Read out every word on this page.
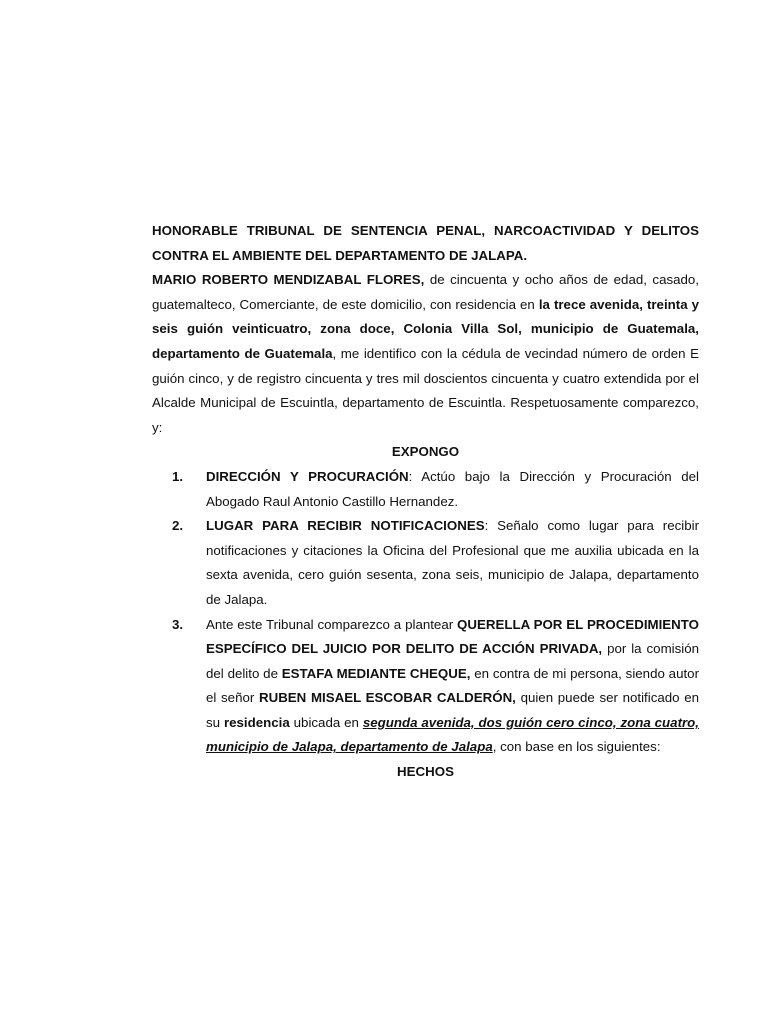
HONORABLE TRIBUNAL DE SENTENCIA PENAL, NARCOACTIVIDAD Y DELITOS CONTRA EL AMBIENTE DEL DEPARTAMENTO DE JALAPA.

MARIO ROBERTO MENDIZABAL FLORES, de cincuenta y ocho años de edad, casado, guatemalteco, Comerciante, de este domicilio, con residencia en la trece avenida, treinta y seis guión veinticuatro, zona doce, Colonia Villa Sol, municipio de Guatemala, departamento de Guatemala, me identifico con la cédula de vecindad número de orden E guión cinco, y de registro cincuenta y tres mil doscientos cincuenta y cuatro extendida por el Alcalde Municipal de Escuintla, departamento de Escuintla. Respetuosamente comparezco, y:

EXPONGO

1. DIRECCIÓN Y PROCURACIÓN: Actúo bajo la Dirección y Procuración del Abogado Raul Antonio Castillo Hernandez.
2. LUGAR PARA RECIBIR NOTIFICACIONES: Señalo como lugar para recibir notificaciones y citaciones la Oficina del Profesional que me auxilia ubicada en la sexta avenida, cero guión sesenta, zona seis, municipio de Jalapa, departamento de Jalapa.
3. Ante este Tribunal comparezco a plantear QUERELLA POR EL PROCEDIMIENTO ESPECÍFICO DEL JUICIO POR DELITO DE ACCIÓN PRIVADA, por la comisión del delito de ESTAFA MEDIANTE CHEQUE, en contra de mi persona, siendo autor el señor RUBEN MISAEL ESCOBAR CALDERÓN, quien puede ser notificado en su residencia ubicada en segunda avenida, dos guión cero cinco, zona cuatro, municipio de Jalapa, departamento de Jalapa, con base en los siguientes:

HECHOS
